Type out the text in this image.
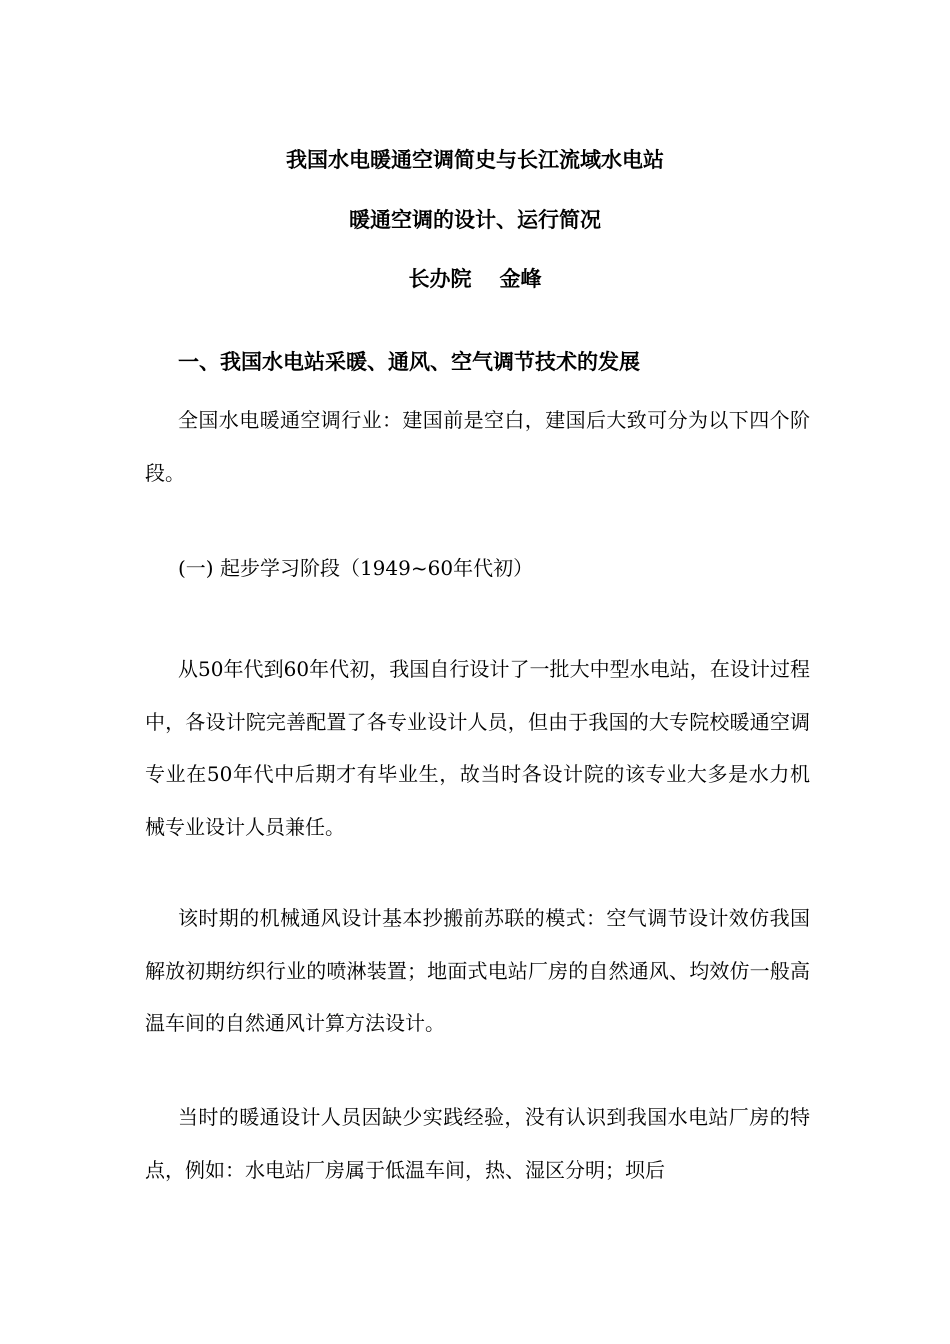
我国水电暖通空调简史与长江流域水电站
暖通空调的设计、运行简况
长办院 金峰
一、我国水电站采暖、通风、空气调节技术的发展

全国水电暖通空调行业：建国前是空白，建国后大致可分为以下四个阶段。

(一) 起步学习阶段（1949~60年代初）

从50年代到60年代初，我国自行设计了一批大中型水电站，在设计过程中，各设计院完善配置了各专业设计人员，但由于我国的大专院校暖通空调专业在50年代中后期才有毕业生，故当时各设计院的该专业大多是水力机械专业设计人员兼任。

该时期的机械通风设计基本抄搬前苏联的模式：空气调节设计效仿我国解放初期纺织行业的喷淋装置；地面式电站厂房的自然通风、均效仿一般高温车间的自然通风计算方法设计。

当时的暖通设计人员因缺少实践经验，没有认识到我国水电站厂房的特点，例如：水电站厂房属于低温车间，热、湿区分明；坝后
